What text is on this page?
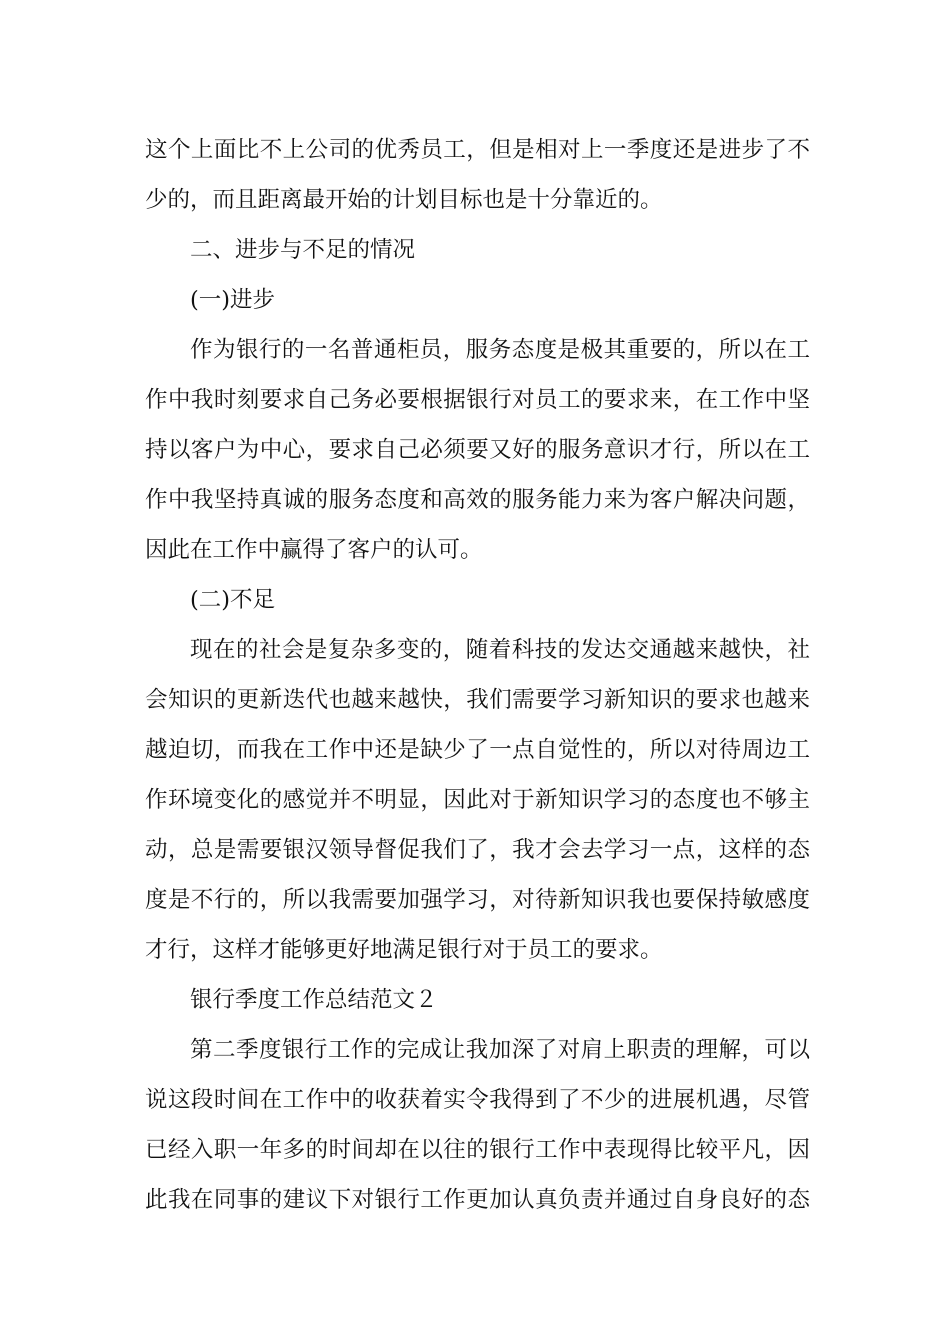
这个上面比不上公司的优秀员工，但是相对上一季度还是进步了不
少的，而且距离最开始的计划目标也是十分靠近的。
二、进步与不足的情况
(一)进步
作为银行的一名普通柜员，服务态度是极其重要的，所以在工
作中我时刻要求自己务必要根据银行对员工的要求来，在工作中坚
持以客户为中心，要求自己必须要又好的服务意识才行，所以在工
作中我坚持真诚的服务态度和高效的服务能力来为客户解决问题，
因此在工作中赢得了客户的认可。
(二)不足
现在的社会是复杂多变的，随着科技的发达交通越来越快，社
会知识的更新迭代也越来越快，我们需要学习新知识的要求也越来
越迫切，而我在工作中还是缺少了一点自觉性的，所以对待周边工
作环境变化的感觉并不明显，因此对于新知识学习的态度也不够主
动，总是需要银汉领导督促我们了，我才会去学习一点，这样的态
度是不行的，所以我需要加强学习，对待新知识我也要保持敏感度
才行，这样才能够更好地满足银行对于员工的要求。
银行季度工作总结范文２
第二季度银行工作的完成让我加深了对肩上职责的理解，可以
说这段时间在工作中的收获着实令我得到了不少的进展机遇，尽管
已经入职一年多的时间却在以往的银行工作中表现得比较平凡，因
此我在同事的建议下对银行工作更加认真负责并通过自身良好的态
